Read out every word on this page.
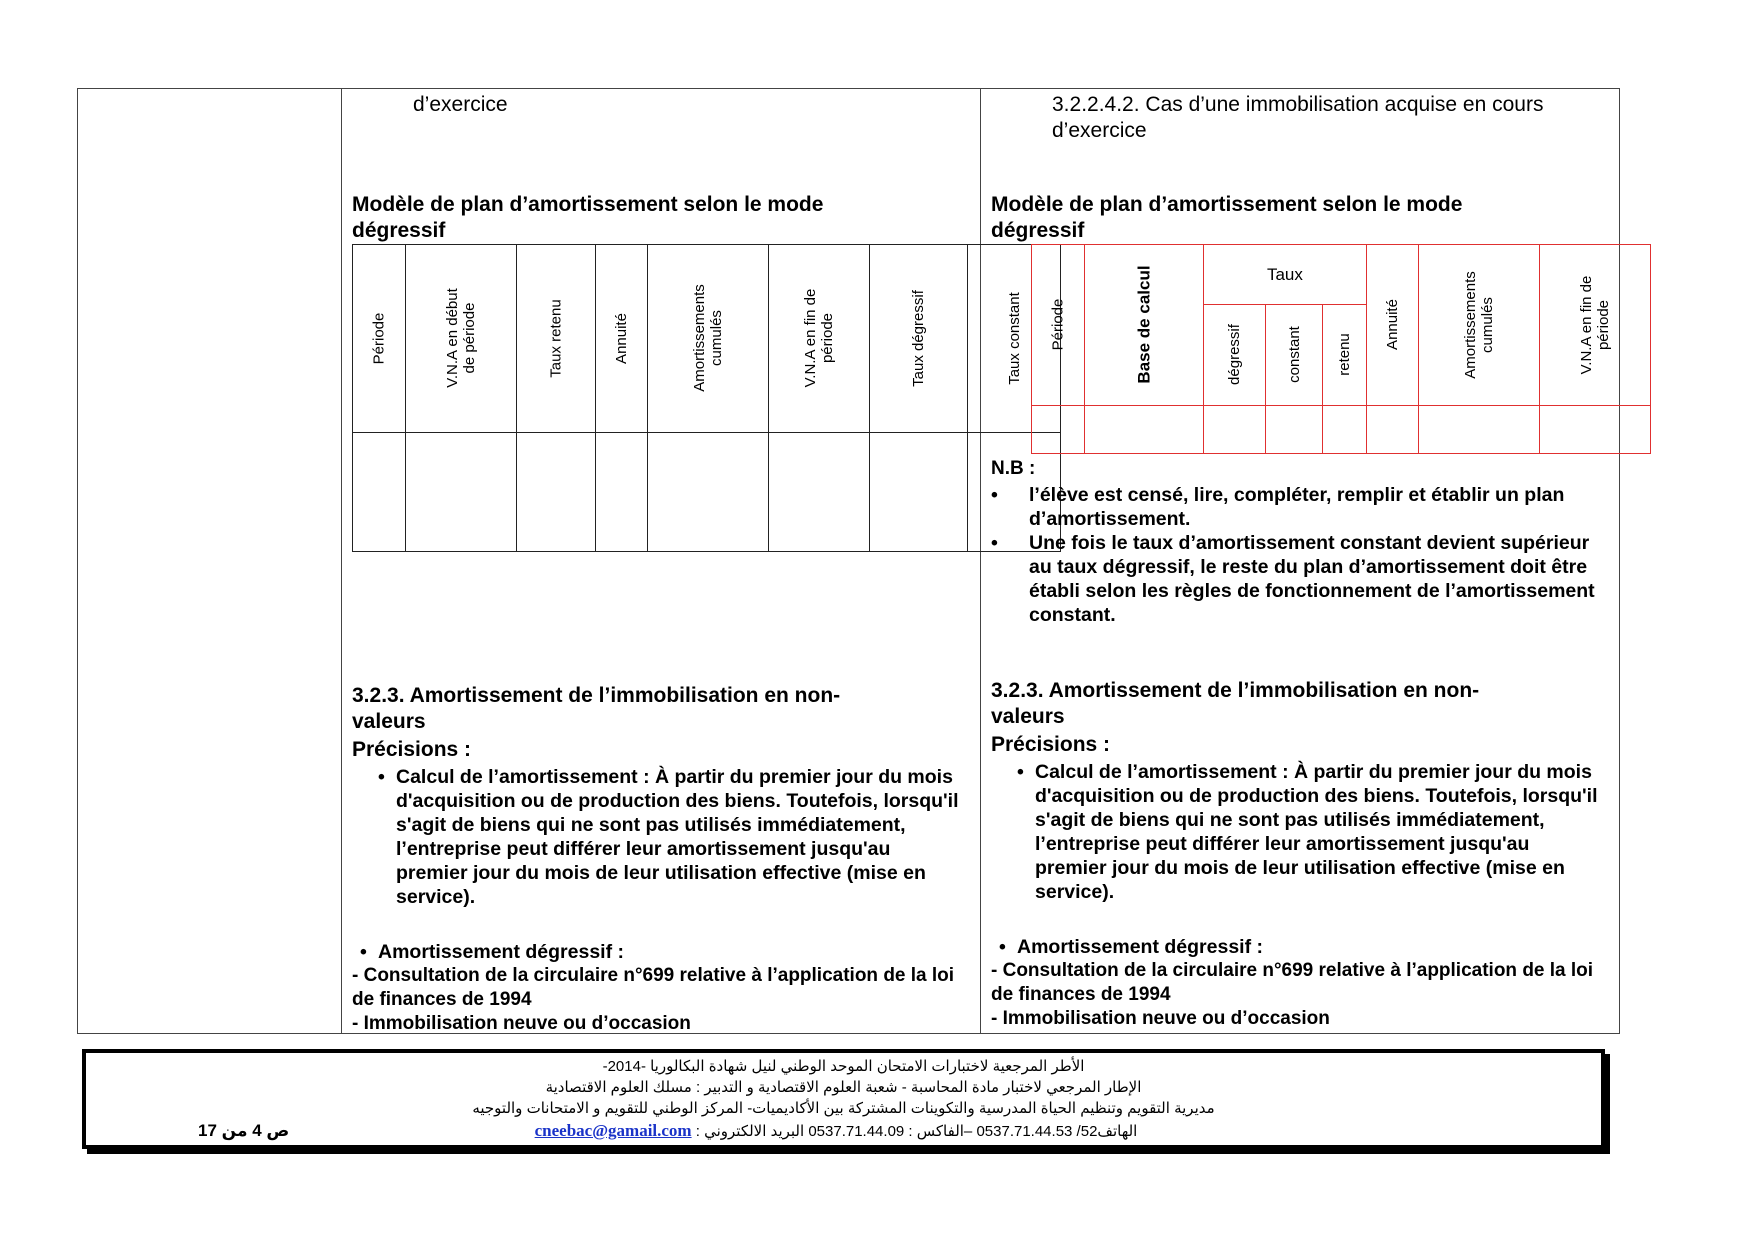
d’exercice
Modèle de plan d’amortissement selon le mode dégressif
Période	V.N.A en début de période	Taux retenu	Annuité	Amortissements cumulés	V.N.A en fin de période	Taux dégressif	Taux constant

3.2.3. Amortissement de l’immobilisation en non-valeurs
Précisions :
• Calcul de l’amortissement : À partir du premier jour du mois d'acquisition ou de production des biens. Toutefois, lorsqu'il s'agit de biens qui ne sont pas utilisés immédiatement, l’entreprise peut différer leur amortissement jusqu'au premier jour du mois de leur utilisation effective (mise en service).
• Amortissement dégressif :
- Consultation de la circulaire n°699 relative à l’application de la loi de finances de 1994
- Immobilisation neuve ou d’occasion
3.2.2.4.2. Cas d’une immobilisation acquise en cours d’exercice
Modèle de plan d’amortissement selon le mode dégressif
Période	Base de calcul	Taux			Annuité	Amortissements cumulés	V.N.A en fin de période
		dégressif	constant	retenu			

N.B :
• l’élève est censé, lire, compléter, remplir et établir un plan d’amortissement.
• Une fois le taux d’amortissement constant devient supérieur au taux dégressif, le reste du plan d’amortissement doit être établi selon les règles de fonctionnement de l’amortissement constant.
3.2.3. Amortissement de l’immobilisation en non-valeurs
Précisions :
• Calcul de l’amortissement : À partir du premier jour du mois d'acquisition ou de production des biens. Toutefois, lorsqu'il s'agit de biens qui ne sont pas utilisés immédiatement, l’entreprise peut différer leur amortissement jusqu'au premier jour du mois de leur utilisation effective (mise en service).
• Amortissement dégressif :
- Consultation de la circulaire n°699 relative à l’application de la loi de finances de 1994
- Immobilisation neuve ou d’occasion
الأطر المرجعية لاختبارات الامتحان الموحد الوطني لنيل شهادة البكالوريا -2014-
الإطار المرجعي لاختبار مادة المحاسبة - شعبة العلوم الاقتصادية و التدبير : مسلك العلوم الاقتصادية
مديرية التقويم وتنظيم الحياة المدرسية والتكوينات المشتركة بين الأكاديميات- المركز الوطني للتقويم و الامتحانات والتوجيه
cneebac@gamail.com الهاتف52/ 0537.71.44.53 –الفاكس : 0537.71.44.09 البريد الالكتروني :
ص 4 من 17
